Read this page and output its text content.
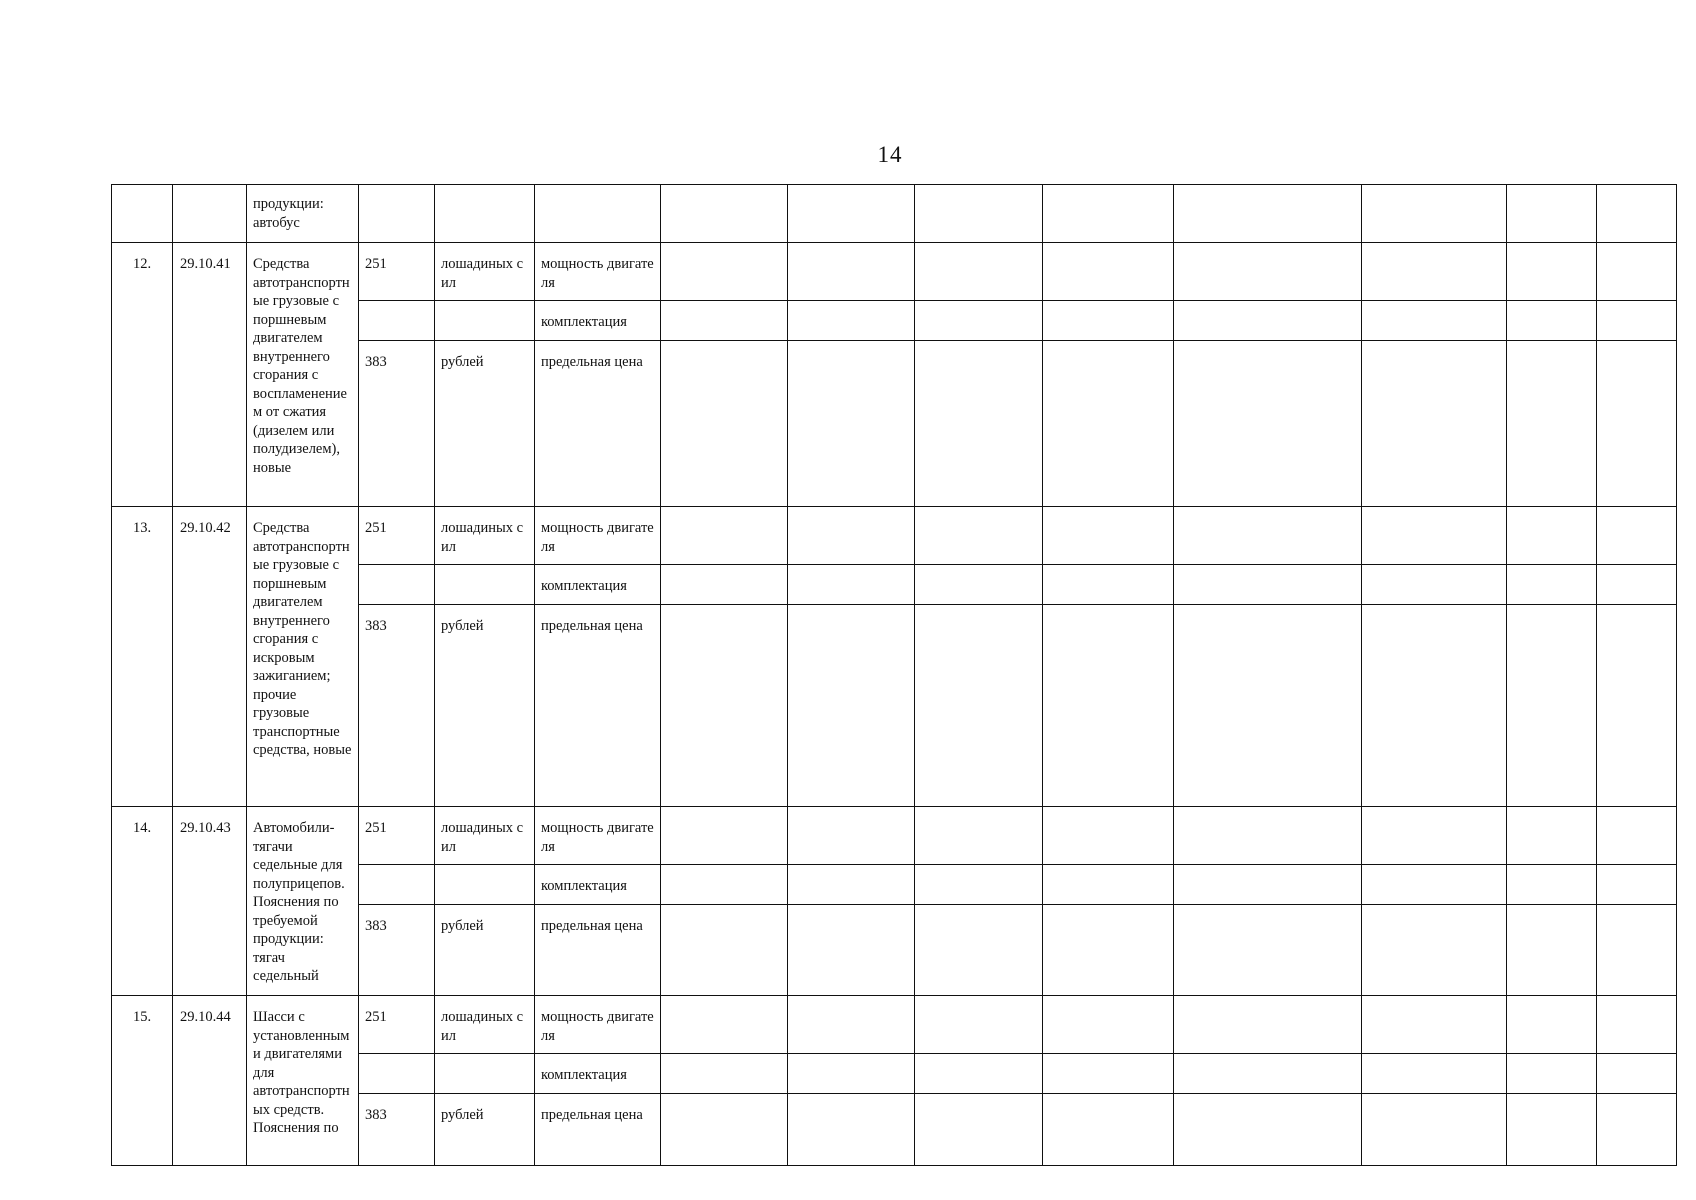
14
		продукции: автобус											
12.	29.10.41	Средства автотранспортные грузовые с поршневым двигателем внутреннего сгорания с воспламенением от сжатия (дизелем или полудизелем), новые	251	лошадиных сил	мощность двигателя								
					комплектация								
			383	рублей	предельная цена								
13.	29.10.42	Средства автотранспортные грузовые с поршневым двигателем внутреннего сгорания с искровым зажиганием; прочие грузовые транспортные средства, новые	251	лошадиных сил	мощность двигателя								
					комплектация								
			383	рублей	предельная цена								
14.	29.10.43	Автомобили-тягачи седельные для полуприцепов. Пояснения по требуемой продукции: тягач седельный	251	лошадиных сил	мощность двигателя								
					комплектация								
			383	рублей	предельная цена								
15.	29.10.44	Шасси с установленными двигателями для автотранспортных средств. Пояснения по	251	лошадиных сил	мощность двигателя								
					комплектация								
			383	рублей	предельная цена								
